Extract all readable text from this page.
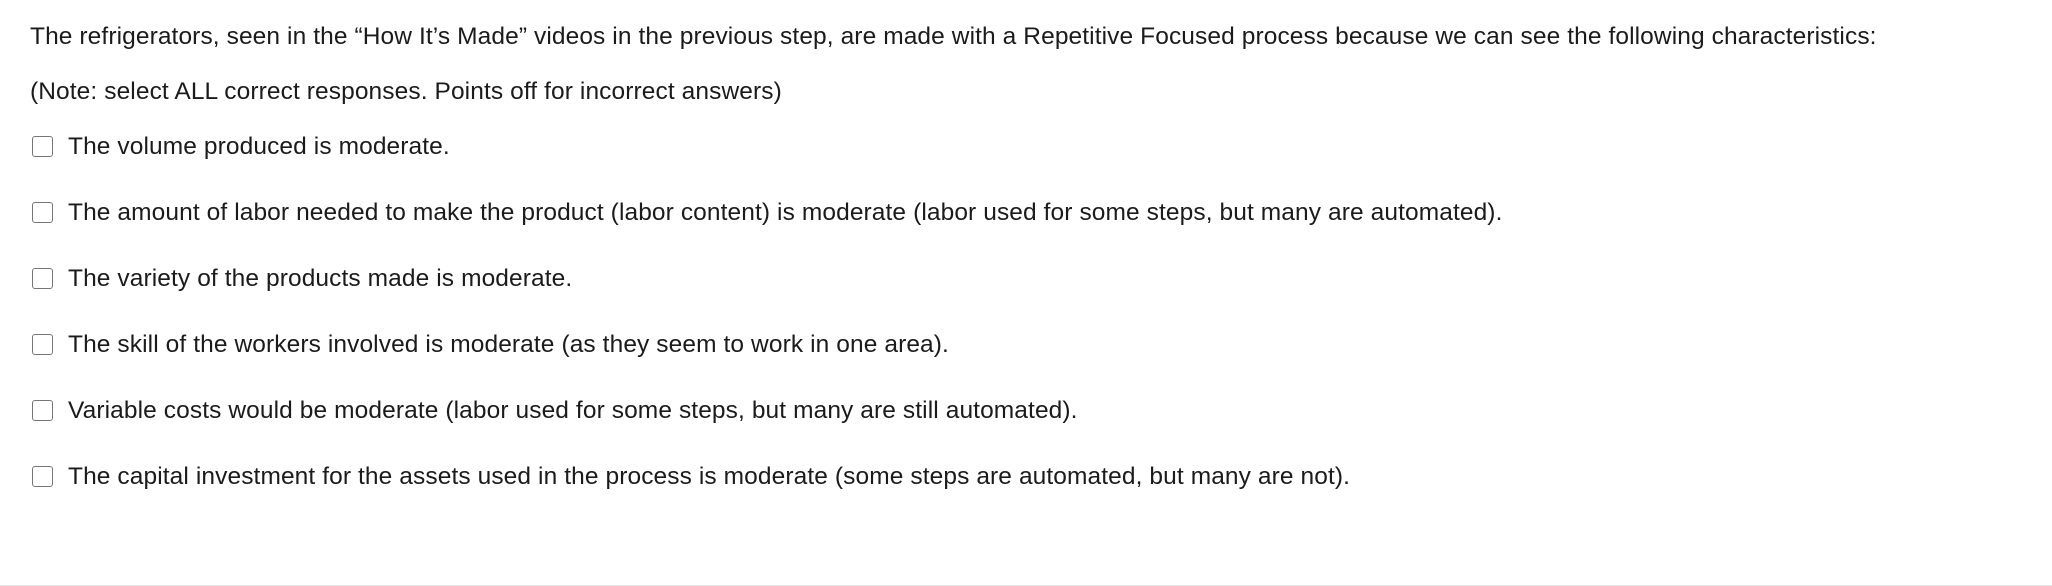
The refrigerators, seen in the “How It’s Made” videos in the previous step, are made with a Repetitive Focused process because we can see the following characteristics:

(Note: select ALL correct responses. Points off for incorrect answers)

The volume produced is moderate.
The amount of labor needed to make the product (labor content) is moderate (labor used for some steps, but many are automated).
The variety of the products made is moderate.
The skill of the workers involved is moderate (as they seem to work in one area).
Variable costs would be moderate (labor used for some steps, but many are still automated).
The capital investment for the assets used in the process is moderate (some steps are automated, but many are not).
